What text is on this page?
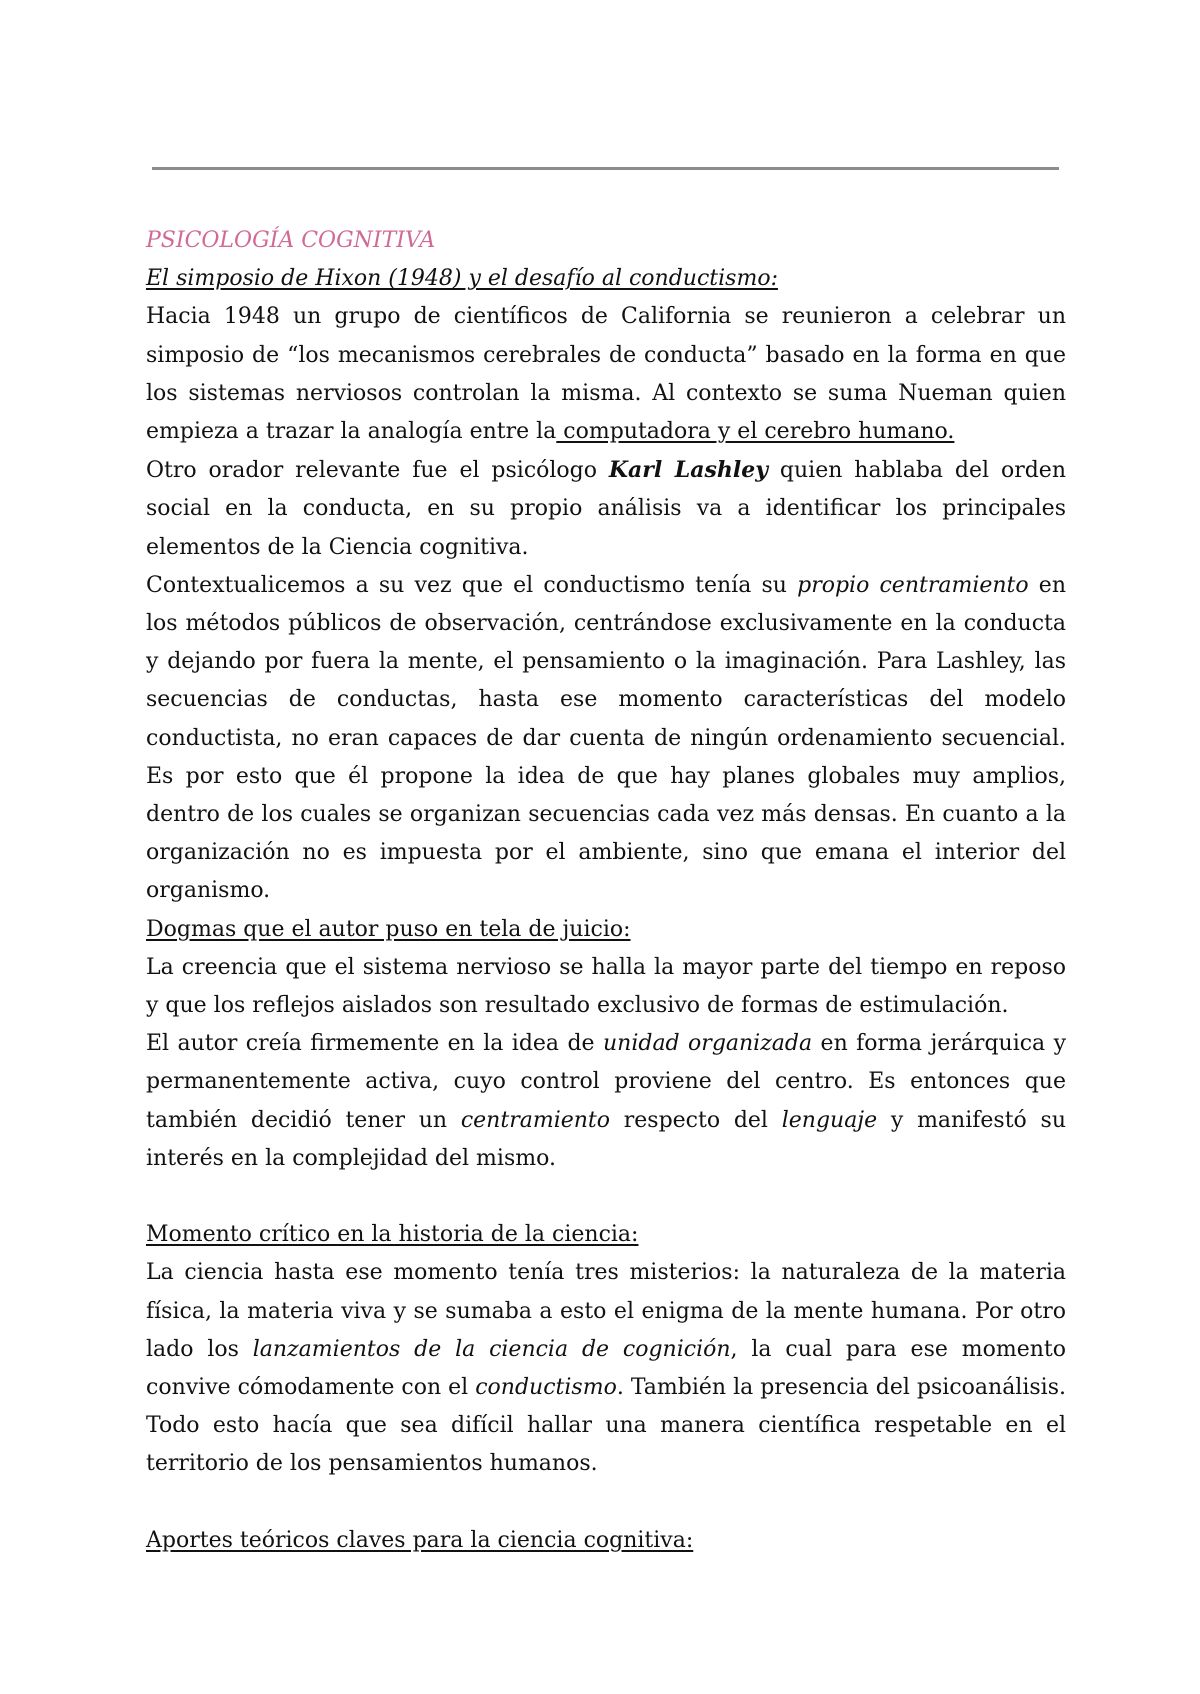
PSICOLOGÍA COGNITIVA
El simposio de Hixon (1948) y el desafío al conductismo:

Hacia 1948 un grupo de científicos de California se reunieron a celebrar un simposio de “los mecanismos cerebrales de conducta” basado en la forma en que los sistemas nerviosos controlan la misma. Al contexto se suma Nueman quien empieza a trazar la analogía entre la computadora y el cerebro humano.

Otro orador relevante fue el psicólogo Karl Lashley quien hablaba del orden social en la conducta, en su propio análisis va a identificar los principales elementos de la Ciencia cognitiva.

Contextualicemos a su vez que el conductismo tenía su propio centramiento en los métodos públicos de observación, centrándose exclusivamente en la conducta y dejando por fuera la mente, el pensamiento o la imaginación. Para Lashley, las secuencias de conductas, hasta ese momento características del modelo conductista, no eran capaces de dar cuenta de ningún ordenamiento secuencial. Es por esto que él propone la idea de que hay planes globales muy amplios, dentro de los cuales se organizan secuencias cada vez más densas. En cuanto a la organización no es impuesta por el ambiente, sino que emana el interior del organismo.

Dogmas que el autor puso en tela de juicio:

La creencia que el sistema nervioso se halla la mayor parte del tiempo en reposo y que los reflejos aislados son resultado exclusivo de formas de estimulación.

El autor creía firmemente en la idea de unidad organizada en forma jerárquica y permanentemente activa, cuyo control proviene del centro. Es entonces que también decidió tener un centramiento respecto del lenguaje y manifestó su interés en la complejidad del mismo.

Momento crítico en la historia de la ciencia:

La ciencia hasta ese momento tenía tres misterios: la naturaleza de la materia física, la materia viva y se sumaba a esto el enigma de la mente humana. Por otro lado los lanzamientos de la ciencia de cognición, la cual para ese momento convive cómodamente con el conductismo. También la presencia del psicoanálisis. Todo esto hacía que sea difícil hallar una manera científica respetable en el territorio de los pensamientos humanos.

Aportes teóricos claves para la ciencia cognitiva:
